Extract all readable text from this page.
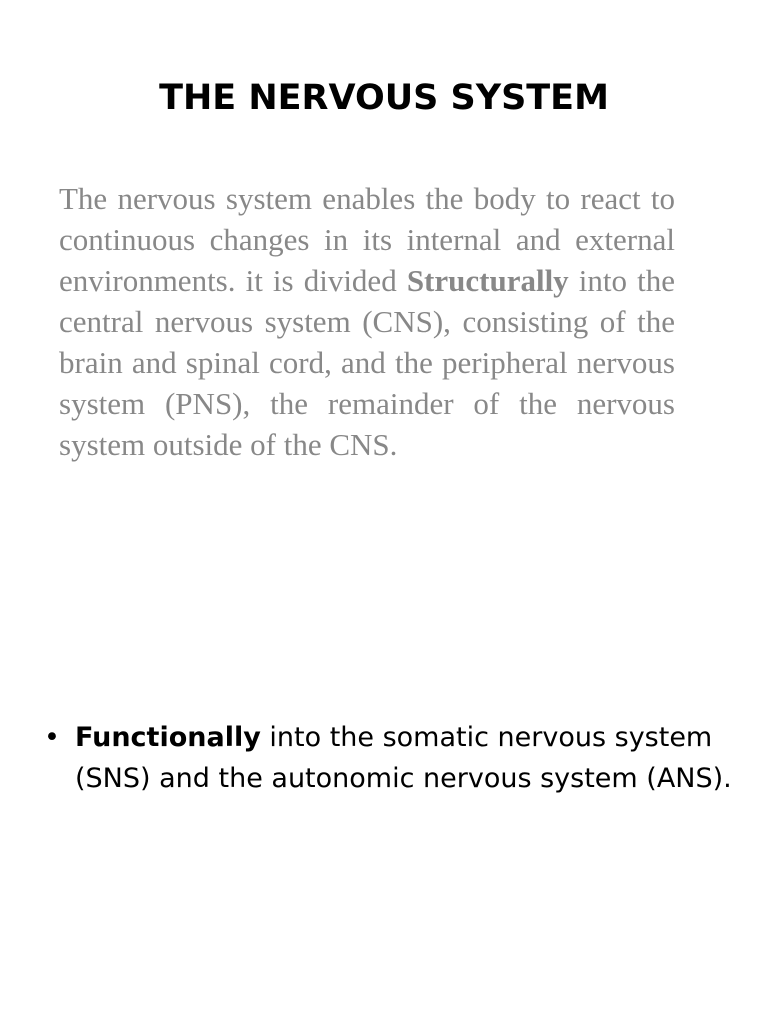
THE NERVOUS SYSTEM

The nervous system enables the body to react to continuous changes in its internal and external environments. it is divided Structurally into the central nervous system (CNS), consisting of the brain and spinal cord, and the peripheral nervous system (PNS), the remainder of the nervous system outside of the CNS.

• Functionally into the somatic nervous system (SNS) and the autonomic nervous system (ANS).
